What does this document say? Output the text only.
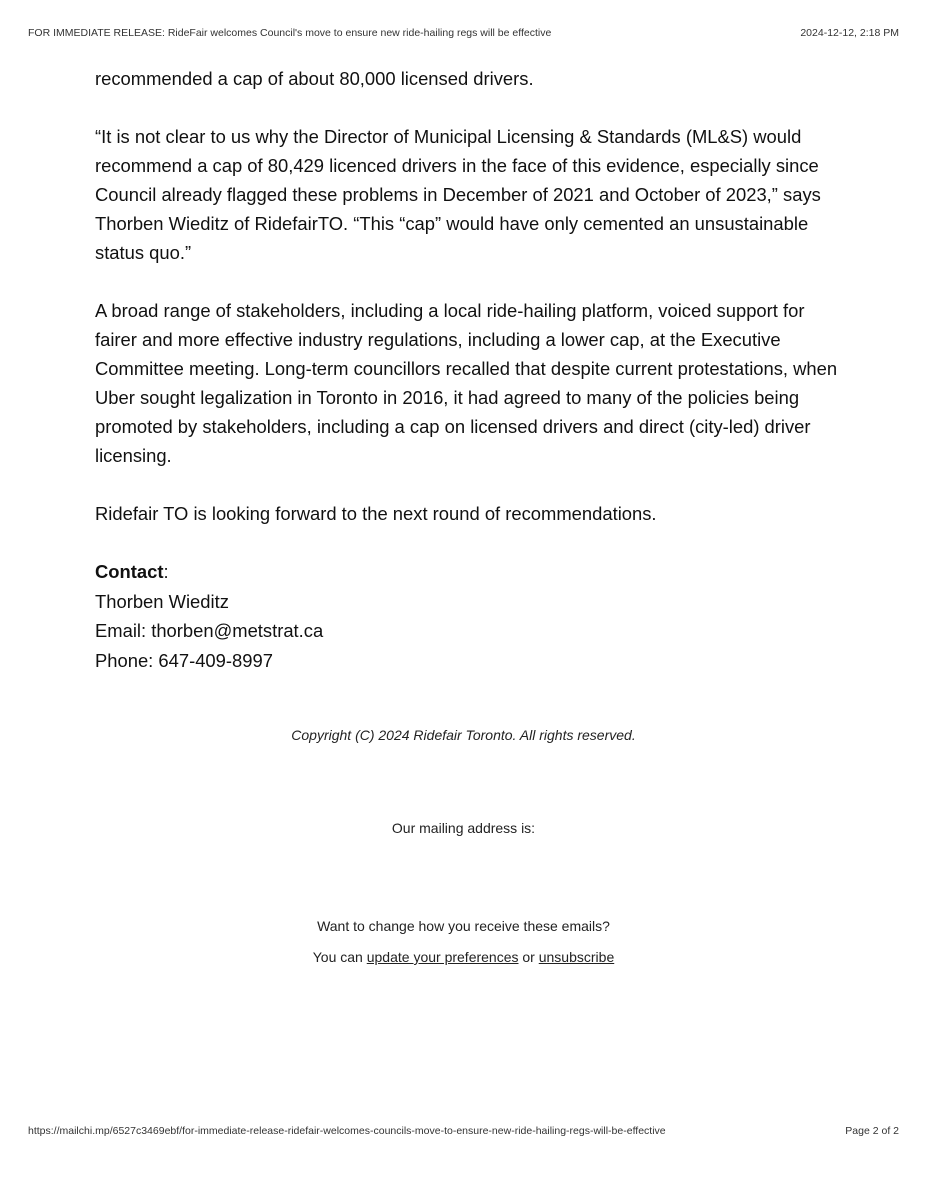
FOR IMMEDIATE RELEASE: RideFair welcomes Council's move to ensure new ride-hailing regs will be effective	2024-12-12, 2:18 PM

recommended a cap of about 80,000 licensed drivers.

“It is not clear to us why the Director of Municipal Licensing & Standards (ML&S) would recommend a cap of 80,429 licenced drivers in the face of this evidence, especially since Council already flagged these problems in December of 2021 and October of 2023,” says Thorben Wieditz of RidefairTO. “This “cap” would have only cemented an unsustainable status quo.”

A broad range of stakeholders, including a local ride-hailing platform, voiced support for fairer and more effective industry regulations, including a lower cap, at the Executive Committee meeting. Long-term councillors recalled that despite current protestations, when Uber sought legalization in Toronto in 2016, it had agreed to many of the policies being promoted by stakeholders, including a cap on licensed drivers and direct (city-led) driver licensing.

Ridefair TO is looking forward to the next round of recommendations.

Contact:
Thorben Wieditz
Email: thorben@metstrat.ca
Phone: 647-409-8997
Copyright (C) 2024 Ridefair Toronto. All rights reserved.
Our mailing address is:
Want to change how you receive these emails?
You can update your preferences or unsubscribe
https://mailchi.mp/6527c3469ebf/for-immediate-release-ridefair-welcomes-councils-move-to-ensure-new-ride-hailing-regs-will-be-effective	Page 2 of 2
